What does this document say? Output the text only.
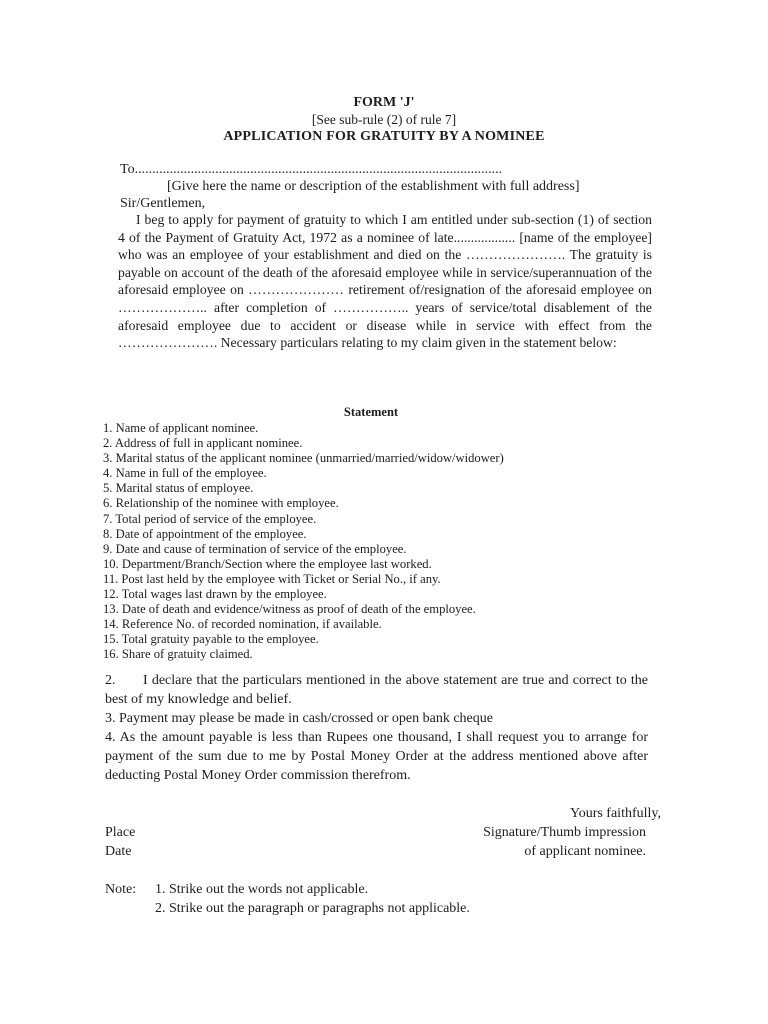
FORM 'J'
[See sub-rule (2) of rule 7]
APPLICATION FOR GRATUITY BY A NOMINEE
To.........................................................................................................
[Give here the name or description of the establishment with full address]
Sir/Gentlemen,
I beg to apply for payment of gratuity to which I am entitled under sub-section (1) of section 4 of the Payment of Gratuity Act, 1972 as a nominee of late.................. [name of the employee] who was an employee of your establishment and died on the …………………. The gratuity is payable on account of the death of the aforesaid employee while in service/superannuation of the aforesaid employee on ………………… retirement of/resignation of the aforesaid employee on ……………….. after completion of …………….. years of service/total disablement of the aforesaid employee due to accident or disease while in service with effect from the …………………. Necessary particulars relating to my claim given in the statement below:
Statement
1. Name of applicant nominee.
2. Address of full in applicant nominee.
3. Marital status of the applicant nominee (unmarried/married/widow/widower)
4. Name in full of the employee.
5. Marital status of employee.
6. Relationship of the nominee with employee.
7. Total period of service of the employee.
8. Date of appointment of the employee.
9. Date and cause of termination of service of the employee.
10. Department/Branch/Section where the employee last worked.
11. Post last held by the employee with Ticket or Serial No., if any.
12. Total wages last drawn by the employee.
13. Date of death and evidence/witness as proof of death of the employee.
14. Reference No. of recorded nomination, if available.
15. Total gratuity payable to the employee.
16. Share of gratuity claimed.

2. I declare that the particulars mentioned in the above statement are true and correct to the best of my knowledge and belief.

3. Payment may please be made in cash/crossed or open bank cheque

4. As the amount payable is less than Rupees one thousand, I shall request you to arrange for payment of the sum due to me by Postal Money Order at the address mentioned above after deducting Postal Money Order commission therefrom.

Yours faithfully,
Place	Signature/Thumb impression
Date	of applicant nominee.
Note: 1. Strike out the words not applicable.
2. Strike out the paragraph or paragraphs not applicable.
